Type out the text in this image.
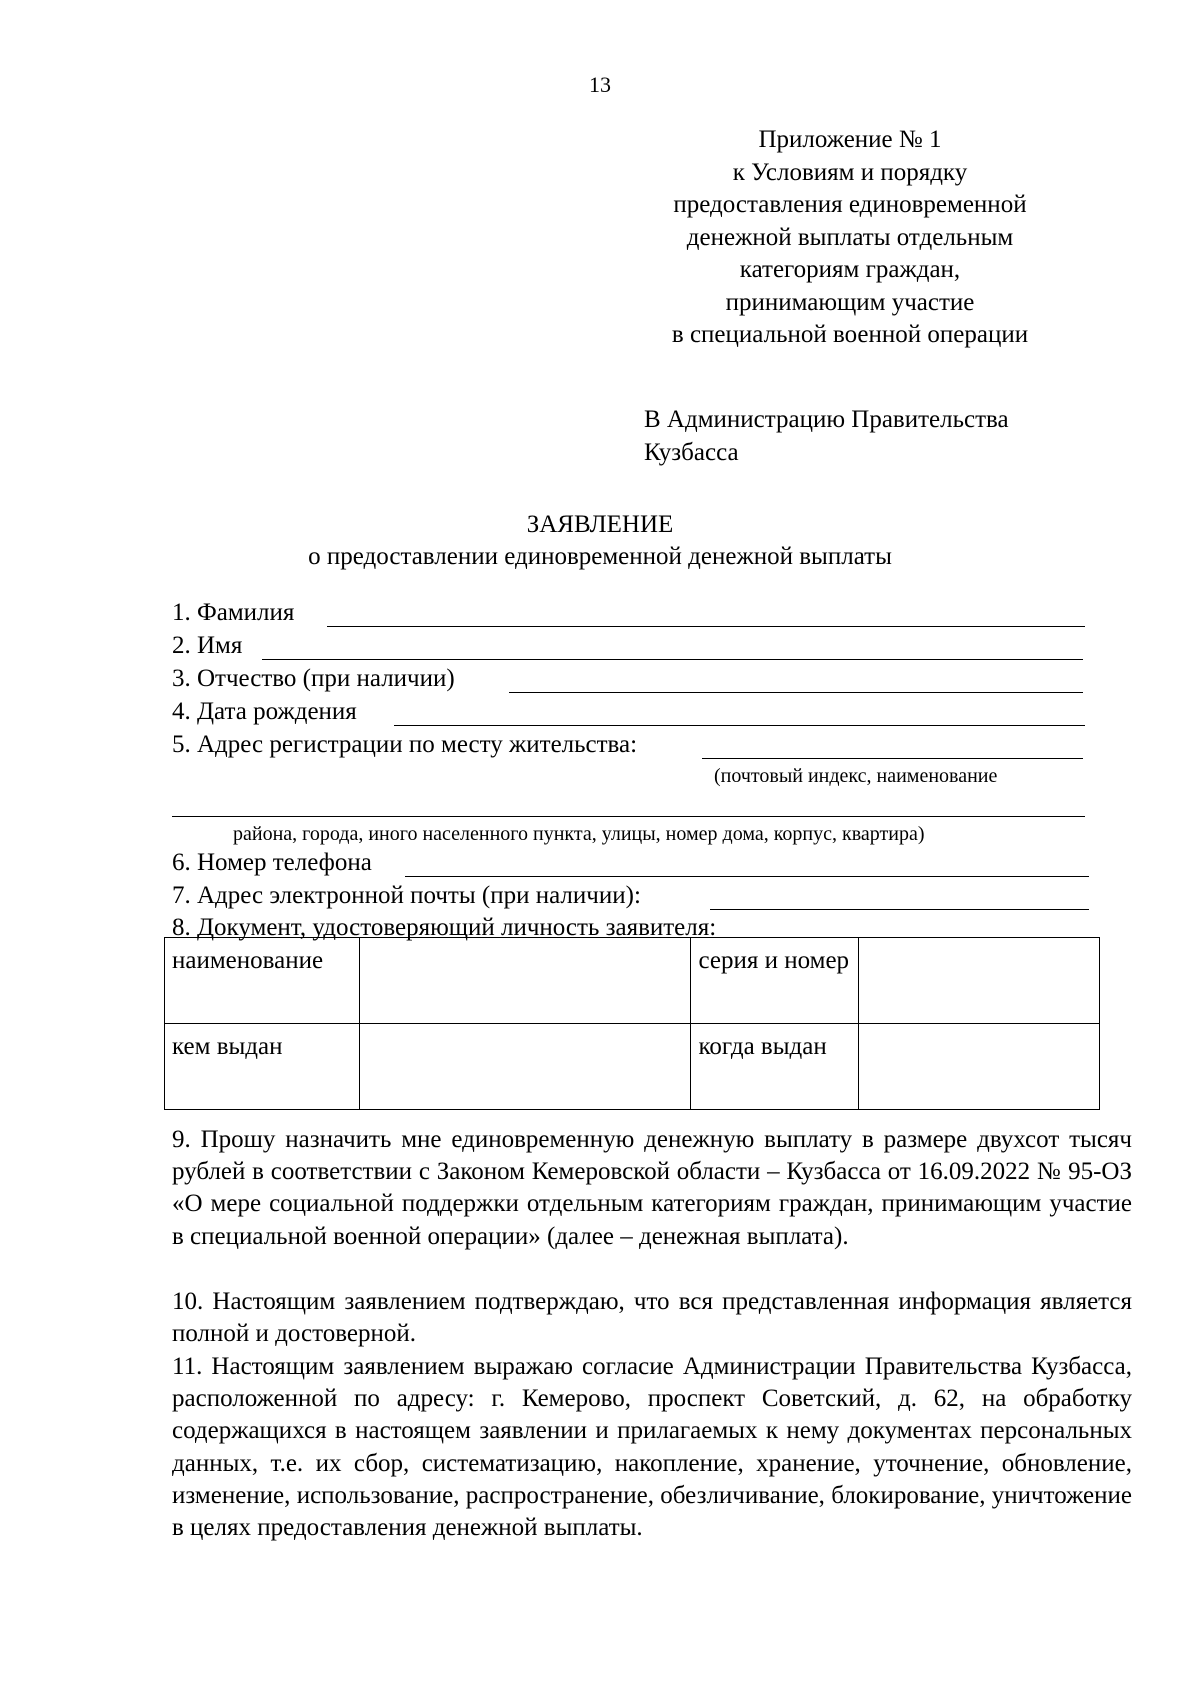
13
Приложение № 1
к Условиям и порядку
предоставления единовременной
денежной выплаты отдельным
категориям граждан,
принимающим участие
в специальной военной операции
В Администрацию Правительства
Кузбасса
ЗАЯВЛЕНИЕ
о предоставлении единовременной денежной выплаты
1. Фамилия
2. Имя
3. Отчество (при наличии)
4. Дата рождения
5. Адрес регистрации по месту жительства:
(почтовый индекс, наименование
района, города, иного населенного пункта, улицы, номер дома, корпус, квартира)
6. Номер телефона
7. Адрес электронной почты (при наличии):
8. Документ, удостоверяющий личность заявителя:
наименование		серия и номер	
кем выдан		когда выдан	
9. Прошу назначить мне единовременную денежную выплату в размере двухсот тысяч рублей в соответствии с Законом Кемеровской области – Кузбасса от 16.09.2022 № 95-ОЗ «О мере социальной поддержки отдельным категориям граждан, принимающим участие в специальной военной операции» (далее – денежная выплата).
10. Настоящим заявлением подтверждаю, что вся представленная информация является полной и достоверной.
11. Настоящим заявлением выражаю согласие Администрации Правительства Кузбасса, расположенной по адресу: г. Кемерово, проспект Советский, д. 62, на обработку содержащихся в настоящем заявлении и прилагаемых к нему документах персональных данных, т.е. их сбор, систематизацию, накопление, хранение, уточнение, обновление, изменение, использование, распространение, обезличивание, блокирование, уничтожение в целях предоставления денежной выплаты.
